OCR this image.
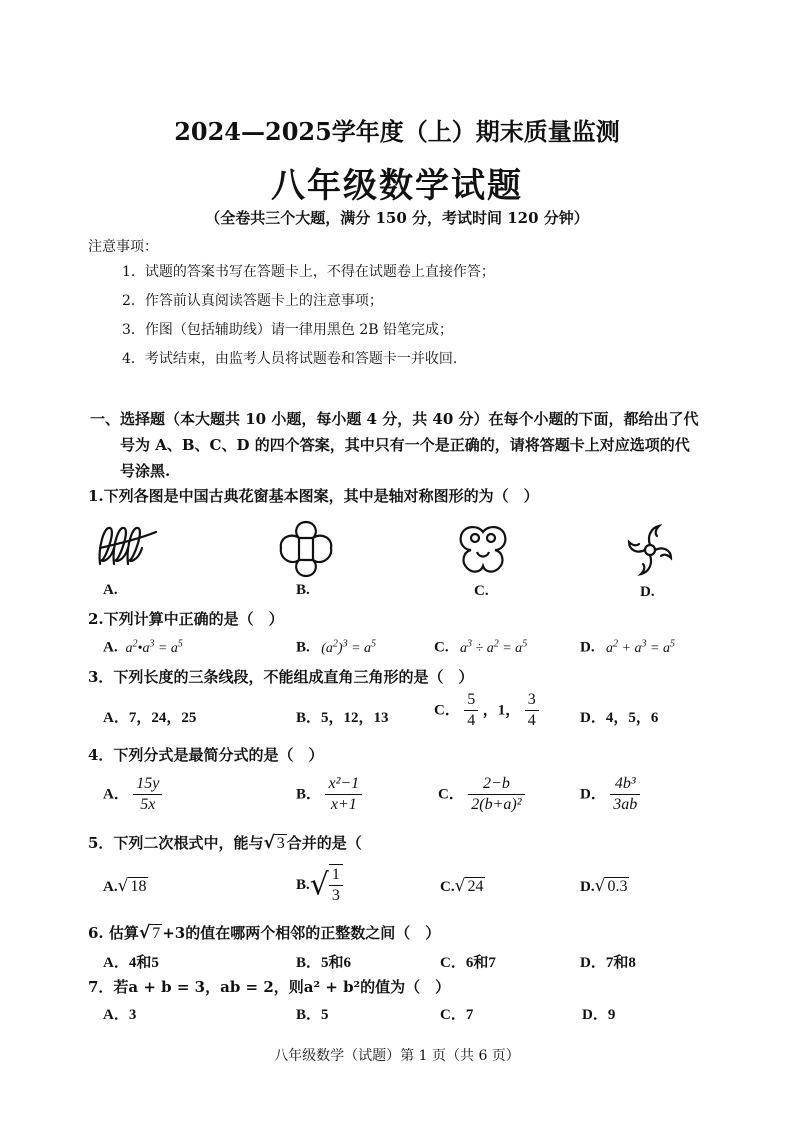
2024—2025学年度（上）期末质量监测
八年级数学试题
（全卷共三个大题，满分 150 分，考试时间 120 分钟）
注意事项：
1．试题的答案书写在答题卡上，不得在试题卷上直接作答；
2．作答前认真阅读答题卡上的注意事项；
3．作图（包括辅助线）请一律用黑色 2B 铅笔完成；
4．考试结束，由监考人员将试题卷和答题卡一并收回.
一、选择题（本大题共 10 小题，每小题 4 分，共 40 分）在每个小题的下面，都给出了代
号为 A、B、C、D 的四个答案，其中只有一个是正确的，请将答题卡上对应选项的代
号涂黑.
1.下列各图是中国古典花窗基本图案，其中是轴对称图形的为（　）
A.	B.	C.	D.
2.下列计算中正确的是（　）
A.  $a^2•a^3 = a^5$	B.   $(a^2)^3 = a^5$	C.   $a^3 \div a^2 = a^5$	D.   $a^2 + a^3 = a^5$
3．下列长度的三条线段，不能组成直角三角形的是（　）
A．7，24，25	B．5，12，13	C． $\frac{5}{4}$ ，1， $\frac{3}{4}$	D．4，5，6
4．下列分式是最简分式的是（　）
A． $\frac{15y}{5x}$	B． $\frac{\text{x²−1}}{x+1}$	C． $\frac{2-b}{\text{2(b+a)²}}$	D． $\frac{\text{4b³}}{3ab}$
5．下列二次根式中，能与√ 3 合并的是（
A.√ 18	$B.√ \frac{1}{3}$	C.√ 24	D.√ 0.3
6. 估算√ 7 +3的值在哪两个相邻的正整数之间（　）
A．4和5	B．5和6	C．6和7	D．7和8
7．若a + b = 3，ab = 2，则a² + b²的值为（　）
A．3	B．5	C．7	D．9
八年级数学（试题）第 1 页（共 6 页）
